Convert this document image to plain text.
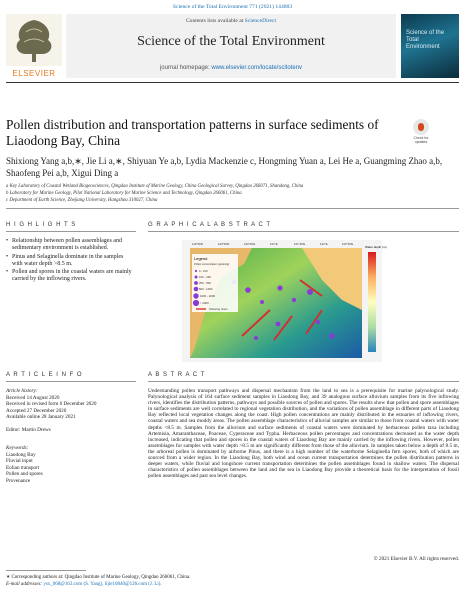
Science of the Total Environment 771 (2021) 144883
ELSEVIER
Contents lists available at ScienceDirect
Science of the Total Environment
journal homepage: www.elsevier.com/locate/scitotenv
Science of the Total Environment
Pollen distribution and transportation patterns in surface sediments of Liaodong Bay, China	Check for updates
Shixiong Yang a,b,∗, Jie Li a,∗, Shiyuan Ye a,b, Lydia Mackenzie c, Hongming Yuan a, Lei He a, Guangming Zhao a,b, Shaofeng Pei a,b, Xigui Ding a
a Key Laboratory of Coastal Wetland Biogeosciences, Qingdao Institute of Marine Geology, China Geological Survey, Qingdao 266071, Shandong, China
b Laboratory for Marine Geology, Pilot National Laboratory for Marine Science and Technology, Qingdao 266061, China
c Department of Earth Science, Zhejiang University, Hangzhou 310027, China
H I G H L I G H T S
• Relationship between pollen assemblages and sedimentary environment is established.
• Pinus and Selaginella dominate in the samples with water depth >8.5 m.
• Pollen and spores in the coastal waters are mainly carried by the inflowing rivers.
G R A P H I C A L A B S T R A C T
Legend
Pollen concentration (grains/g)
0 - 100
100 - 250
250 - 500
500 - 1000
1000 - 2000
> 2000
Inflowing rivers
Water depth (m)
119°30'E	120°00'E	120°30'E	121°E	121°30'E	122°E	122°30'E
A R T I C L E I N F O
Article history:
Received 14 August 2020
Received in revised form 6 December 2020
Accepted 27 December 2020
Available online 28 January 2021
Editor: Martin Drews
Keywords:
Liaodong Bay
Fluvial input
Eolian transport
Pollen and spores
Provenance
A B S T R A C T
Understanding pollen transport pathways and dispersal mechanism from the land to sea is a prerequisite for marine palynological study. Palynological analysis of 164 surface sediment samples in Liaodong Bay, and 39 analogous surface alluvium samples from its five inflowing rivers, identifies the distribution patterns, pathways and possible sources of pollen and spores. The results show that pollen and spore assemblages in surface sediments are well correlated to regional vegetation distribution, and the variations of pollen assemblage in different parts of Liaodong Bay reflected local vegetation changes along the coast. High pollen concentrations are mainly distributed in the estuaries of inflowing rivers, coastal waters and sea muddy areas. The pollen assemblage characteristics of alluvial samples are similar to those from coastal waters with water depths <8.5 m. Samples from the alluvium and surface sediments of coastal waters were dominated by herbaceous pollen taxa including Artemisia, Amaranthaceae, Poaceae, Cyperaceae and Typha. Herbaceous pollen percentages and concentrations decreased as the water depth increased, indicating that pollen and spores in the coastal waters of Liaodong Bay are mainly carried by the inflowing rivers. However, pollen assemblages for samples with water depth >8.5 m are significantly different from those of the alluvium. In samples taken below a depth of 8.5 m, the arboreal pollen is dominated by airborne Pinus, and there is a high number of the waterborne Selaginella fern spores, both of which are sourced from a wider region. In the Liaodong Bay, both wind and ocean current transportation determines the pollen distribution patterns in deeper waters, while fluvial and longshore current transportation determines the pollen assemblages found in shallow waters. The dispersal characteristics of pollen assemblages between the land and the sea in Liaodong Bay provide a theoretical basis for the interpretation of fossil pollen assemblages and past sea level changes.
© 2021 Elsevier B.V. All rights reserved.
∗ Corresponding authors at: Qingdao Institute of Marine Geology, Qingdao 266061, China.
E-mail addresses: ysx_068@163.com (S. Yang), lijie10840@126.com (J. Li).
